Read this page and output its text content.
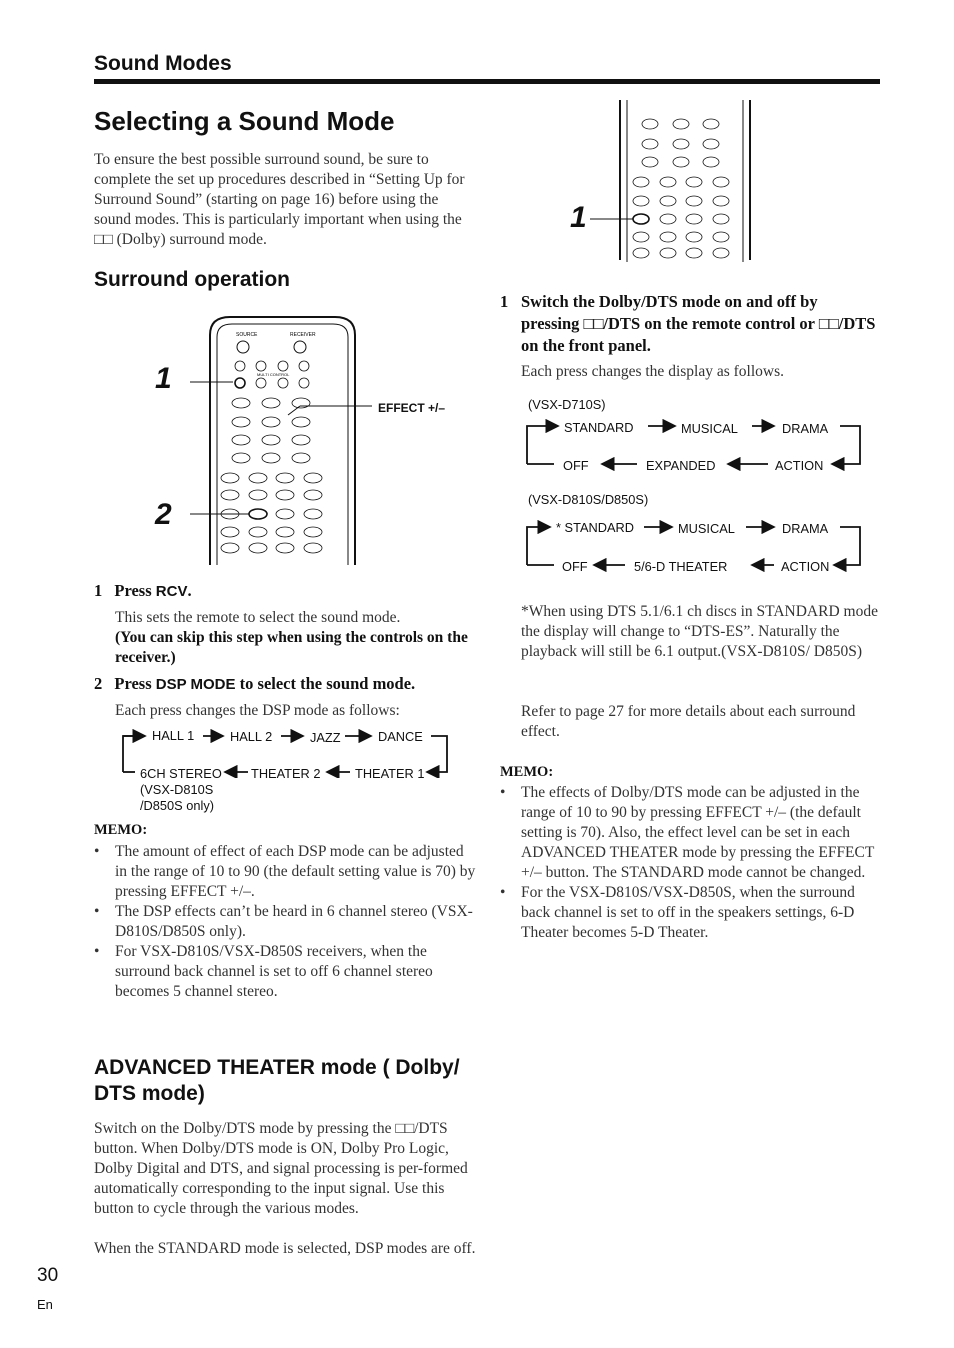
Sound Modes
Selecting a Sound Mode
To ensure the best possible surround sound, be sure to complete the set up procedures described in “Setting Up for Surround Sound” (starting on page 16) before using the sound modes. This is particularly important when using the □□ (Dolby) surround mode.
Surround operation
SOURCE	RECEIVER
MULTI CONTROL
1
2
EFFECT +/–
1 Press RCV.
This sets the remote to select the sound mode.
(You can skip this step when using the controls on the receiver.)
2 Press DSP MODE to select the sound mode.
Each press changes the DSP mode as follows:
HALL 1	HALL 2	JAZZ	DANCE
THEATER 1
THEATER 2
6CH STEREO
(VSX-D810S /D850S only)
MEMO:
• The amount of effect of each DSP mode can be adjusted in the range of 10 to 90 (the default setting value is 70) by pressing EFFECT +/–.
• The DSP effects can’t be heard in 6 channel stereo (VSX-D810S/D850S only).
• For VSX-D810S/VSX-D850S receivers, when the surround back channel is set to off 6 channel stereo becomes 5 channel stereo.
ADVANCED THEATER mode ( Dolby/ DTS mode)
Switch on the Dolby/DTS mode by pressing the □□/DTS button. When Dolby/DTS mode is ON, Dolby Pro Logic, Dolby Digital and DTS, and signal processing is per-formed automatically corresponding to the input signal. Use this button to cycle through the various modes.
When the STANDARD mode is selected, DSP modes are off.
1
1 Switch the Dolby/DTS mode on and off by pressing □□/DTS on the remote control or □□/DTS on the front panel.
Each press changes the display as follows.
(VSX-D710S)
STANDARD	MUSICAL	DRAMA
ACTION
EXPANDED
OFF
(VSX-D810S/D850S)
* STANDARD	MUSICAL	DRAMA
ACTION
5/6-D THEATER
OFF
*When using DTS 5.1/6.1 ch discs in STANDARD mode the display will change to “DTS-ES”. Naturally the playback will still be 6.1 output.(VSX-D810S/ D850S)
Refer to page 27 for more details about each surround effect.
MEMO:
• The effects of Dolby/DTS mode can be adjusted in the range of 10 to 90 by pressing EFFECT +/– (the default setting is 70). Also, the effect level can be set in each ADVANCED THEATER mode by pressing the EFFECT +/– button. The STANDARD mode cannot be changed.
• For the VSX-D810S/VSX-D850S, when the surround back channel is set to off in the speakers settings, 6-D Theater becomes 5-D Theater.
30
En
